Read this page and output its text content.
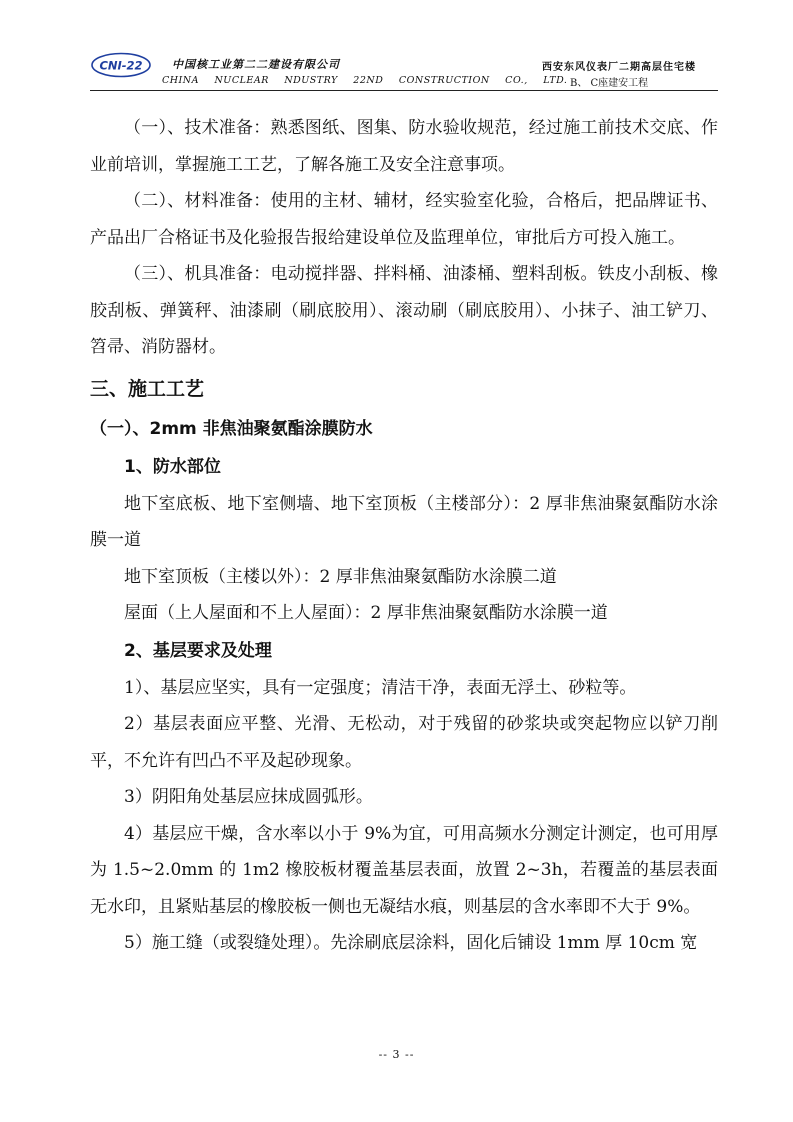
CNI-22	中国核工业第二二建设有限公司
CHINA NUCLEAR NDUSTRY 22ND CONSTRUCTION CO., LTD.
西安东风仪表厂二期高层住宅楼
B、 C座建安工程

（一）、技术准备：熟悉图纸、图集、防水验收规范，经过施工前技术交底、作业前培训，掌握施工工艺，了解各施工及安全注意事项。

（二）、材料准备：使用的主材、辅材，经实验室化验，合格后，把品牌证书、产品出厂合格证书及化验报告报给建设单位及监理单位，审批后方可投入施工。

（三）、机具准备：电动搅拌器、拌料桶、油漆桶、塑料刮板。铁皮小刮板、橡胶刮板、弹簧秤、油漆刷（刷底胶用）、滚动刷（刷底胶用）、小抹子、油工铲刀、笤帚、消防器材。

三、施工工艺

（一）、2mm 非焦油聚氨酯涂膜防水

1、防水部位

地下室底板、地下室侧墙、地下室顶板（主楼部分）：2 厚非焦油聚氨酯防水涂膜一道

地下室顶板（主楼以外）：2 厚非焦油聚氨酯防水涂膜二道

屋面（上人屋面和不上人屋面）：2 厚非焦油聚氨酯防水涂膜一道

2、基层要求及处理

1）、基层应坚实，具有一定强度；清洁干净，表面无浮土、砂粒等。

2）基层表面应平整、光滑、无松动，对于残留的砂浆块或突起物应以铲刀削平，不允许有凹凸不平及起砂现象。

3）阴阳角处基层应抹成圆弧形。

4）基层应干燥，含水率以小于 9%为宜，可用高频水分测定计测定，也可用厚为 1.5~2.0mm 的 1m2 橡胶板材覆盖基层表面，放置 2~3h，若覆盖的基层表面无水印，且紧贴基层的橡胶板一侧也无凝结水痕，则基层的含水率即不大于 9%。

5）施工缝（或裂缝处理）。先涂刷底层涂料，固化后铺设 1mm 厚 10cm 宽

-- 3 --
